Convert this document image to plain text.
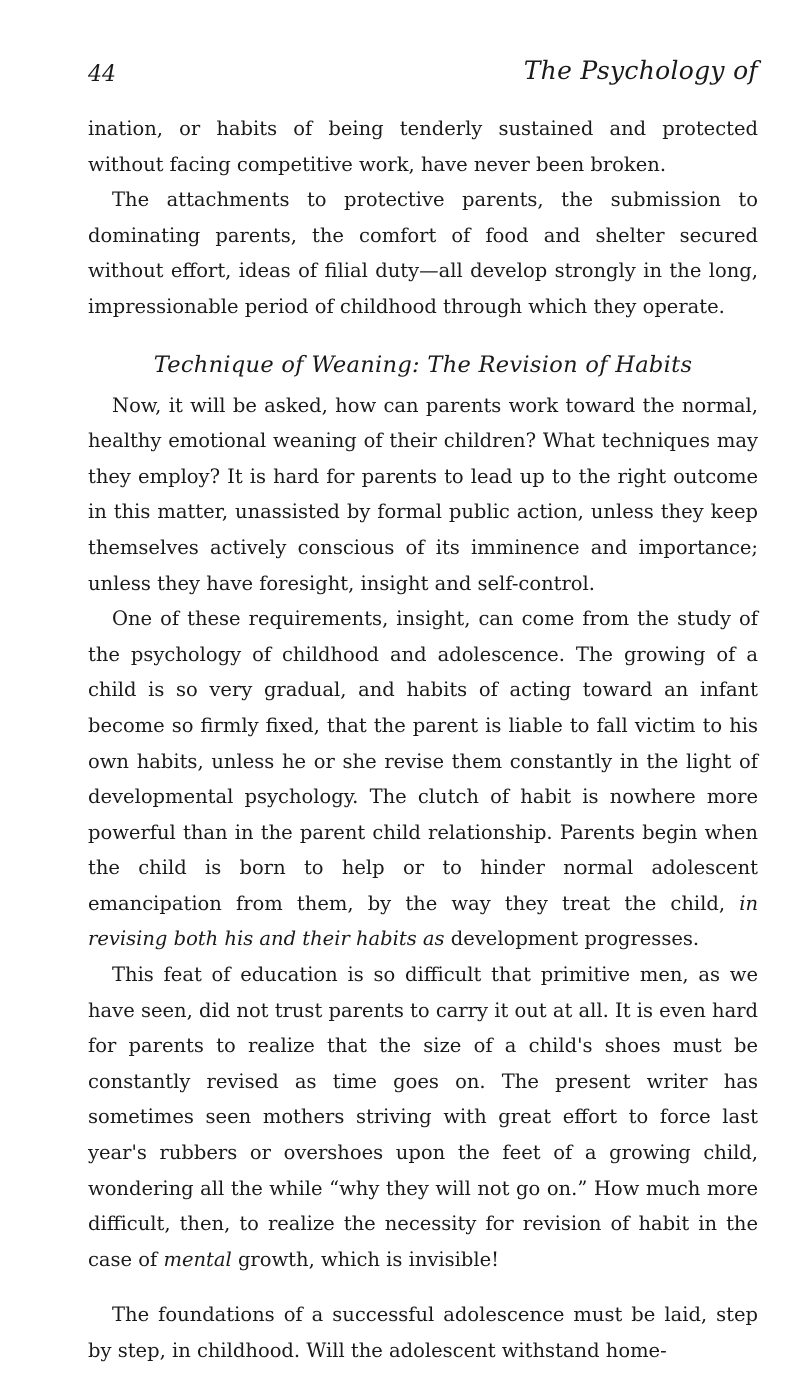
44	The Psychology of

ination, or habits of being tenderly sustained and protected without facing competitive work, have never been broken.

The attachments to protective parents, the submission to dominating parents, the comfort of food and shelter secured without effort, ideas of filial duty—all develop strongly in the long, impressionable period of childhood through which they operate.

Technique of Weaning: The Revision of Habits

Now, it will be asked, how can parents work toward the normal, healthy emotional weaning of their children? What techniques may they employ? It is hard for parents to lead up to the right outcome in this matter, unassisted by formal public action, unless they keep themselves actively conscious of its imminence and importance; unless they have foresight, insight and self-control.

One of these requirements, insight, can come from the study of the psychology of childhood and adolescence. The growing of a child is so very gradual, and habits of acting toward an infant become so firmly fixed, that the parent is liable to fall victim to his own habits, unless he or she revise them constantly in the light of developmental psychology. The clutch of habit is nowhere more powerful than in the parent child relationship. Parents begin when the child is born to help or to hinder normal adolescent emancipation from them, by the way they treat the child, in revising both his and their habits as development progresses.

This feat of education is so difficult that primitive men, as we have seen, did not trust parents to carry it out at all. It is even hard for parents to realize that the size of a child's shoes must be constantly revised as time goes on. The present writer has sometimes seen mothers striving with great effort to force last year's rubbers or overshoes upon the feet of a growing child, wondering all the while “why they will not go on.” How much more difficult, then, to realize the necessity for revision of habit in the case of mental growth, which is invisible!

The foundations of a successful adolescence must be laid, step by step, in childhood. Will the adolescent withstand home-
